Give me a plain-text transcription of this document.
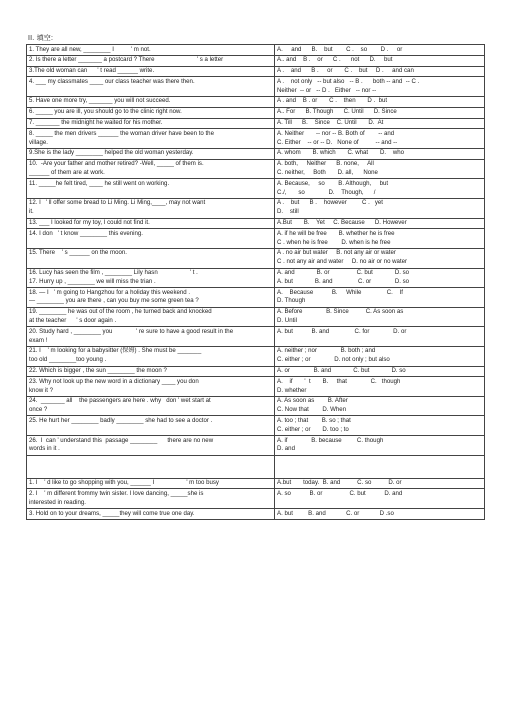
II. 填空:
1. They are all new, ________ I          ' m not.	A.     and      B.    but        C .    so        D .     or
2. Is there a letter _______ a postcard ? There                         ' s a letter	A.. and    B .    or      C .      not      D.     but
3.The old woman can      ' t read ______ write.	A .    and      B .     or       C .    but     D .     and can
4. ___ my classmates ____ our class teacher was there then.	A .    not only   -- but also   -- B .      both -- and  -- C .
Neither  -- or   -- D .   Either   -- nor --
5. Have one more try, _______ you will not succeed.	A . and    B . or       C .    then       D .  but
6. _____ you are ill, you should go to the clinic right now.	A.. For      B. Though      C. Until      D. Since
7. _______ the midnight he waited for his mother.	A. Till      B.    Since    C. Until       D.  At
8. _____ the men drivers ______ the woman driver have been to the
village.	A. Neither       -- nor -- B. Both of        -- and
C. Either    -- or -- D.   None of          -- and --
9.She is the lady ________ helped the old woman yesterday.	A. whom       B. which       C. what       D.    who
10.  -Are your father and mother retired? -Well, _____ of them is.
______ of them are at work.	A. both,     Neither      B. none,     All
C. neither,     Both       D. all,      None
11. _____he felt tired, ____ he still went on working.	A. Because,     so        B. Although,     but
C./,       so              D.    Though,      /
12. I   ' ll offer some bread to Li Ming. Li Ming,____, may not want
it.	A .    but      B .    however         C .   yet
D.    still
13. ___ I looked for my toy, I could not find it.	A.But       B.    Yet     C. Because      D. However
14. I don   ' t know ________ this evening.	A. if he will be free       B. whether he is free
C . when he is free        D. when is he free
15. There    ' s ______ on the moon.	A . no air but water     B. not any air or water
C . not any air and water     D. no air or no water
16. Lucy has seen the film , ________ Lily hasn                   ' t .
17. Hurry up , ________ we will miss the trian .	A. and             B. or                C. but             D. so
A. but             B. and               C. or              D. so
18. — I   ' m going to Hangzhou for a holiday this weekend .
— ________ you are there , can you buy me some green tea ?	A.    Because           B.     While               C.    If
D. Though
19. ________ he was out of the room , he turned back and knocked
at the teacher      ' s door again .	A. Before              B. Since          C. As soon as
D. Until
20. Study hard , ________ you              ' re sure to have a good result in the
exam !	A. but           B. and               C. for              D. or
21. I    ' m looking for a babysitter (保姆) . She must be _______
too old ________too young .	A. neither ; nor              B. both ; and
C. either ; or              D. not only ; but also
22. Which is bigger , the sun ________ the moon ?	A. or              B. and             C. but             D. so
23. Why not look up the new word in a dictionary ____ you don
know it ?	A.    if       '  t       B.     that              C.   though
D. whether
24.  _______ all    the passengers are here . why   don ' wet start at
once ?	A. As soon as        B. After
C. Now that        D. When
25. He hurt her ________ badly ________ she had to see a doctor .	A. too ; that        B. so ; that
C. either ; or       D. too ; to
26.  I  can ' understand this  passage ________      there are no new
words in it .	A. if              B. because         C. though
D. and

1. I    ' d like to go shopping with you, ______ I                   ' m too busy	A.but       today.  B. and          C. so          D. or
2. I    ' m different frommy twin sister. I love dancing, _____she is
interested in reading.	A. so           B. or                C. but           D. and
3. Hold on to your dreams, _____they will come true one day.	A. but         B. and            C. or            D .so
